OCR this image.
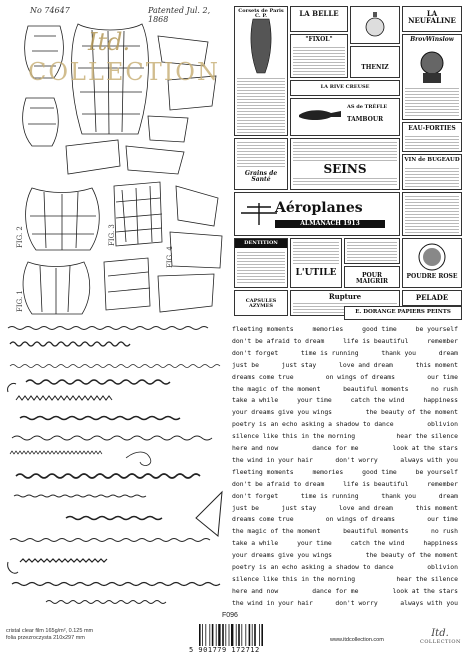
No 74647	Patented Jul. 2, 1868
FIG. 2	FIG. 3
FIG. 4
FIG. 1
Itd.
COLLECTION
Corsets de Paris C. P.	LA BELLE	LA NEUFALINE
"FIXOL"
THENIZ
LA RIVE CREUSE
BrovWinslow
AS de TRÈFLE
TAMBOUR
Grains de Santé
SEINS
EAU-FORTIES
VIN de BUGEAUD
Aéroplanes
ALMANACH 1913
DENTITION
L'UTILE	POUR MAIGRIR
POUDRE ROSE
CAPSULES AZYMES
Rupture	PELADE
E. DORANGE PAPIERS PEINTS
fleeting moments	memories	good time	be yourself
don't be afraid to dream	life is beautiful	remember
don't forget	time is running	thank you	dream
just be	just stay	love and dream	this moment
dreams come true	on wings of dreams	our time
the magic of the moment	beautiful moments	no rush
take a while	your time	catch the wind	happiness
your dreams give you wings	the beauty of the moment
poetry is an echo asking a shadow to dance	oblivion
silence like this in the morning	hear the silence
here and now	dance for me	look at the stars
the wind in your hair	don't worry	always with you
fleeting moments	memories	good time	be yourself
don't be afraid to dream	life is beautiful	remember
don't forget	time is running	thank you	dream
just be	just stay	love and dream	this moment
dreams come true	on wings of dreams	our time
the magic of the moment	beautiful moments	no rush
take a while	your time	catch the wind	happiness
your dreams give you wings	the beauty of the moment
poetry is an echo asking a shadow to dance	oblivion
silence like this in the morning	hear the silence
here and now	dance for me	look at the stars
the wind in your hair	don't worry	always with you
cristal clear film 165g/m², 0.125 mm
folia przezroczysta 210x297 mm
F096
5 901779 172712
www.itdcollection.com
Itd.
COLLECTION
